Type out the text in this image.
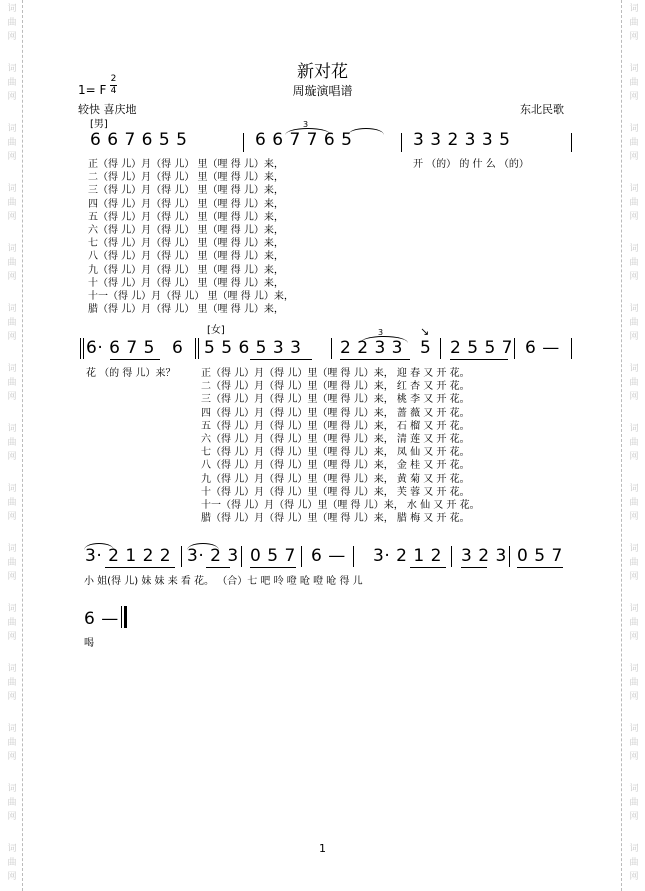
词
曲
网
词
曲
网
词
曲
网
词
曲
网
词
曲
网
词
曲
网
词
曲
网
词
曲
网
词
曲
网
词
曲
网
词
曲
网
词
曲
网
词
曲
网
词
曲
网
词
曲
网
词
曲
网
词
曲
网
词
曲
网
词
曲
网
词
曲
网
词
曲
网
词
曲
网
词
曲
网
词
曲
网
词
曲
网
词
曲
网
词
曲
网
词
曲
网
词
曲
网
词
曲
网
新对花
周璇演唱谱
1= F
2
4
较快 喜庆地	东北民歌
[男]
6 6 7 6 5 5	6 6 7 7 6 5
3
3 3 2 3 3 5
正（得 儿）月（得 儿） 里（哩 得 儿）来，
二（得 儿）月（得 儿） 里（哩 得 儿）来，
三（得 儿）月（得 儿） 里（哩 得 儿）来，
四（得 儿）月（得 儿） 里（哩 得 儿）来，
五（得 儿）月（得 儿） 里（哩 得 儿）来，
六（得 儿）月（得 儿） 里（哩 得 儿）来，
七（得 儿）月（得 儿） 里（哩 得 儿）来，
八（得 儿）月（得 儿） 里（哩 得 儿）来，
九（得 儿）月（得 儿） 里（哩 得 儿）来，
十（得 儿）月（得 儿） 里（哩 得 儿）来，
十一（得 儿）月（得 儿） 里（哩 得 儿）来，
腊（得 儿）月（得 儿） 里（哩 得 儿）来，
开 （的） 的 什 么 （的）
[女]
6· 6 7 5 6 5 5 6 5 3 3 2 2 3 3
3	↘
5 2 5 5 7 6 —
花 （的 得 儿）来？	正（得 儿）月（得 儿）里（哩 得 儿）来， 迎 春 又 开 花。
二（得 儿）月（得 儿）里（哩 得 儿）来， 红 杏 又 开 花。
三（得 儿）月（得 儿）里（哩 得 儿）来， 桃 李 又 开 花。
四（得 儿）月（得 儿）里（哩 得 儿）来， 蔷 薇 又 开 花。
五（得 儿）月（得 儿）里（哩 得 儿）来， 石 榴 又 开 花。
六（得 儿）月（得 儿）里（哩 得 儿）来， 清 莲 又 开 花。
七（得 儿）月（得 儿）里（哩 得 儿）来， 凤 仙 又 开 花。
八（得 儿）月（得 儿）里（哩 得 儿）来， 金 桂 又 开 花。
九（得 儿）月（得 儿）里（哩 得 儿）来， 黄 菊 又 开 花。
十（得 儿）月（得 儿）里（哩 得 儿）来， 芙 蓉 又 开 花。
十一（得 儿）月（得 儿）里（哩 得 儿）来， 水 仙 又 开 花。
腊（得 儿）月（得 儿）里（哩 得 儿）来， 腊 梅 又 开 花。
3· 2 1 2 2 3· 2 3 0 5 7 6 — 3· 2 1 2 3 2 3 0 5 7
小 姐(得 儿) 妹 妹 来 看 花。 （合）七 吧 呤 噔 呛 噔 呛 得 儿
6 —
喝
1
